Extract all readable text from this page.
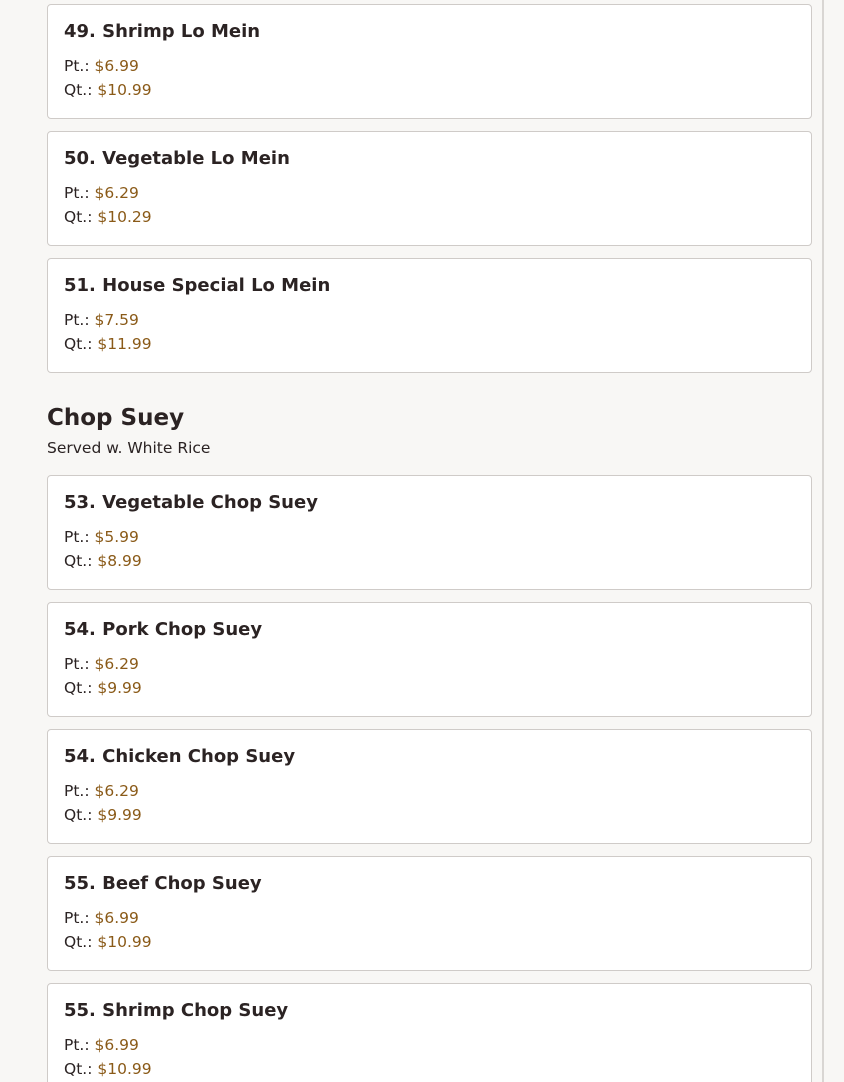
49. Shrimp Lo Mein
Pt.: $6.99
Qt.: $10.99
50. Vegetable Lo Mein
Pt.: $6.29
Qt.: $10.29
51. House Special Lo Mein
Pt.: $7.59
Qt.: $11.99
Chop Suey
Served w. White Rice
53. Vegetable Chop Suey
Pt.: $5.99
Qt.: $8.99
54. Pork Chop Suey
Pt.: $6.29
Qt.: $9.99
54. Chicken Chop Suey
Pt.: $6.29
Qt.: $9.99
55. Beef Chop Suey
Pt.: $6.99
Qt.: $10.99
55. Shrimp Chop Suey
Pt.: $6.99
Qt.: $10.99
